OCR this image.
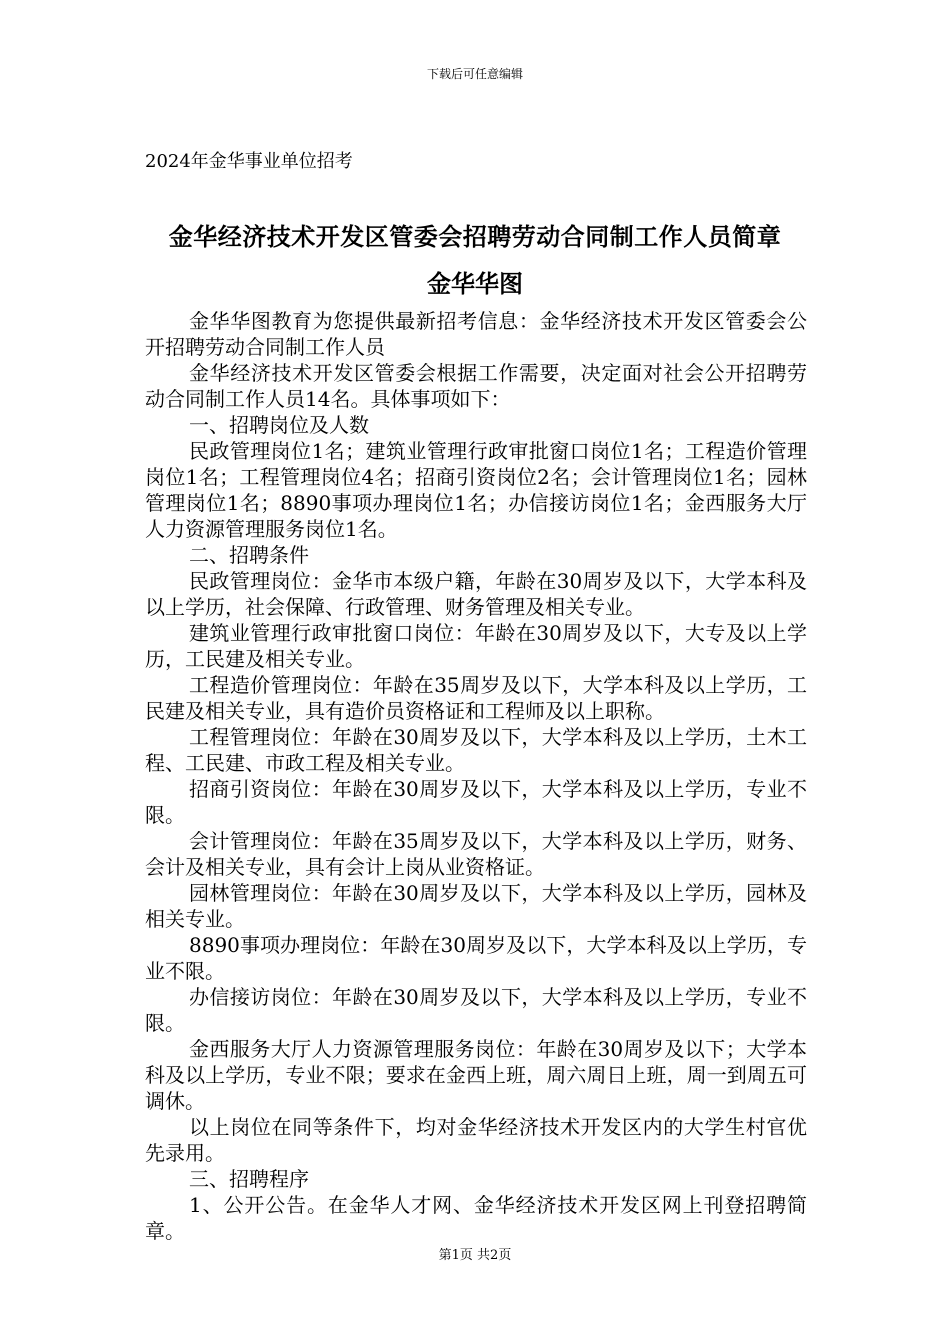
下载后可任意编辑
2024年金华事业单位招考
金华经济技术开发区管委会招聘劳动合同制工作人员简章
金华华图

金华华图教育为您提供最新招考信息：金华经济技术开发区管委会公开招聘劳动合同制工作人员

金华经济技术开发区管委会根据工作需要，决定面对社会公开招聘劳动合同制工作人员14名。具体事项如下：

一、招聘岗位及人数

民政管理岗位1名；建筑业管理行政审批窗口岗位1名；工程造价管理岗位1名；工程管理岗位4名；招商引资岗位2名；会计管理岗位1名；园林管理岗位1名；8890事项办理岗位1名；办信接访岗位1名；金西服务大厅人力资源管理服务岗位1名。

二、招聘条件

民政管理岗位：金华市本级户籍，年龄在30周岁及以下，大学本科及以上学历，社会保障、行政管理、财务管理及相关专业。

建筑业管理行政审批窗口岗位：年龄在30周岁及以下，大专及以上学历，工民建及相关专业。

工程造价管理岗位：年龄在35周岁及以下，大学本科及以上学历，工民建及相关专业，具有造价员资格证和工程师及以上职称。

工程管理岗位：年龄在30周岁及以下，大学本科及以上学历，土木工程、工民建、市政工程及相关专业。

招商引资岗位：年龄在30周岁及以下，大学本科及以上学历，专业不限。

会计管理岗位：年龄在35周岁及以下，大学本科及以上学历，财务、会计及相关专业，具有会计上岗从业资格证。

园林管理岗位：年龄在30周岁及以下，大学本科及以上学历，园林及相关专业。

8890事项办理岗位：年龄在30周岁及以下，大学本科及以上学历，专业不限。

办信接访岗位：年龄在30周岁及以下，大学本科及以上学历，专业不限。

金西服务大厅人力资源管理服务岗位：年龄在30周岁及以下；大学本科及以上学历，专业不限；要求在金西上班，周六周日上班，周一到周五可调休。

以上岗位在同等条件下，均对金华经济技术开发区内的大学生村官优先录用。

三、招聘程序

1、公开公告。在金华人才网、金华经济技术开发区网上刊登招聘简章。

第1页 共2页
